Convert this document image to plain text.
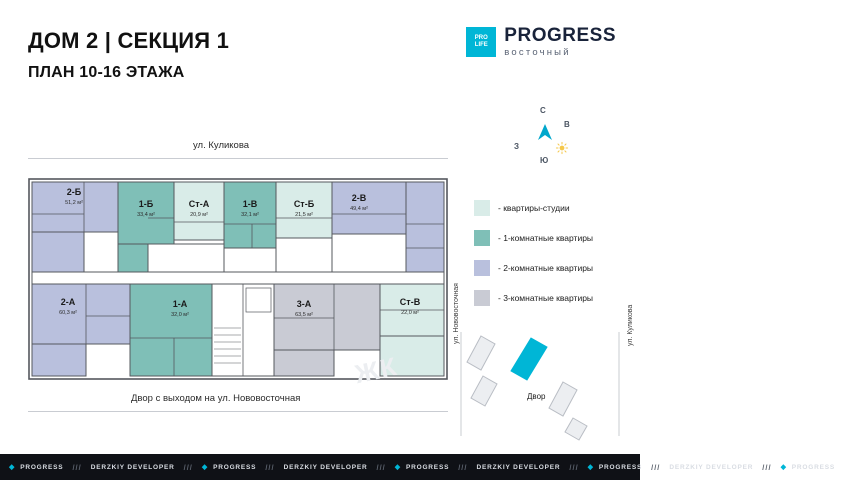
ДОМ 2 | СЕКЦИЯ 1
ПЛАН 10-16 ЭТАЖА
PRO
LIFE PROGRESS
восточный
С
В
З
Ю
ул. Куликова
Двор с выходом на ул. Нововосточная
2-Б
51,2 м²	1-Б
33,4 м²
Ст-А
20,9 м²
1-В
32,1 м²
Ст-Б
21,5 м²
2-В
49,4 м²
2-А
60,3 м²
1-А
32,0 м²
3-А
63,5 м²
Ст-В
22,0 м²
- квартиры-студии
- 1-комнатные квартиры
- 2-комнатные квартиры
- 3-комнатные квартиры
ул. Нововосточная	ул. Куликова
Двор
ЖК
◆ PROGRESS /// DERZKIY DEVELOPER /// ◆ PROGRESS /// DERZKIY DEVELOPER /// ◆ PROGRESS /// DERZKIY DEVELOPER /// ◆ PROGRESS /// DERZKIY DEVELOPER /// ◆ PROGRESS
